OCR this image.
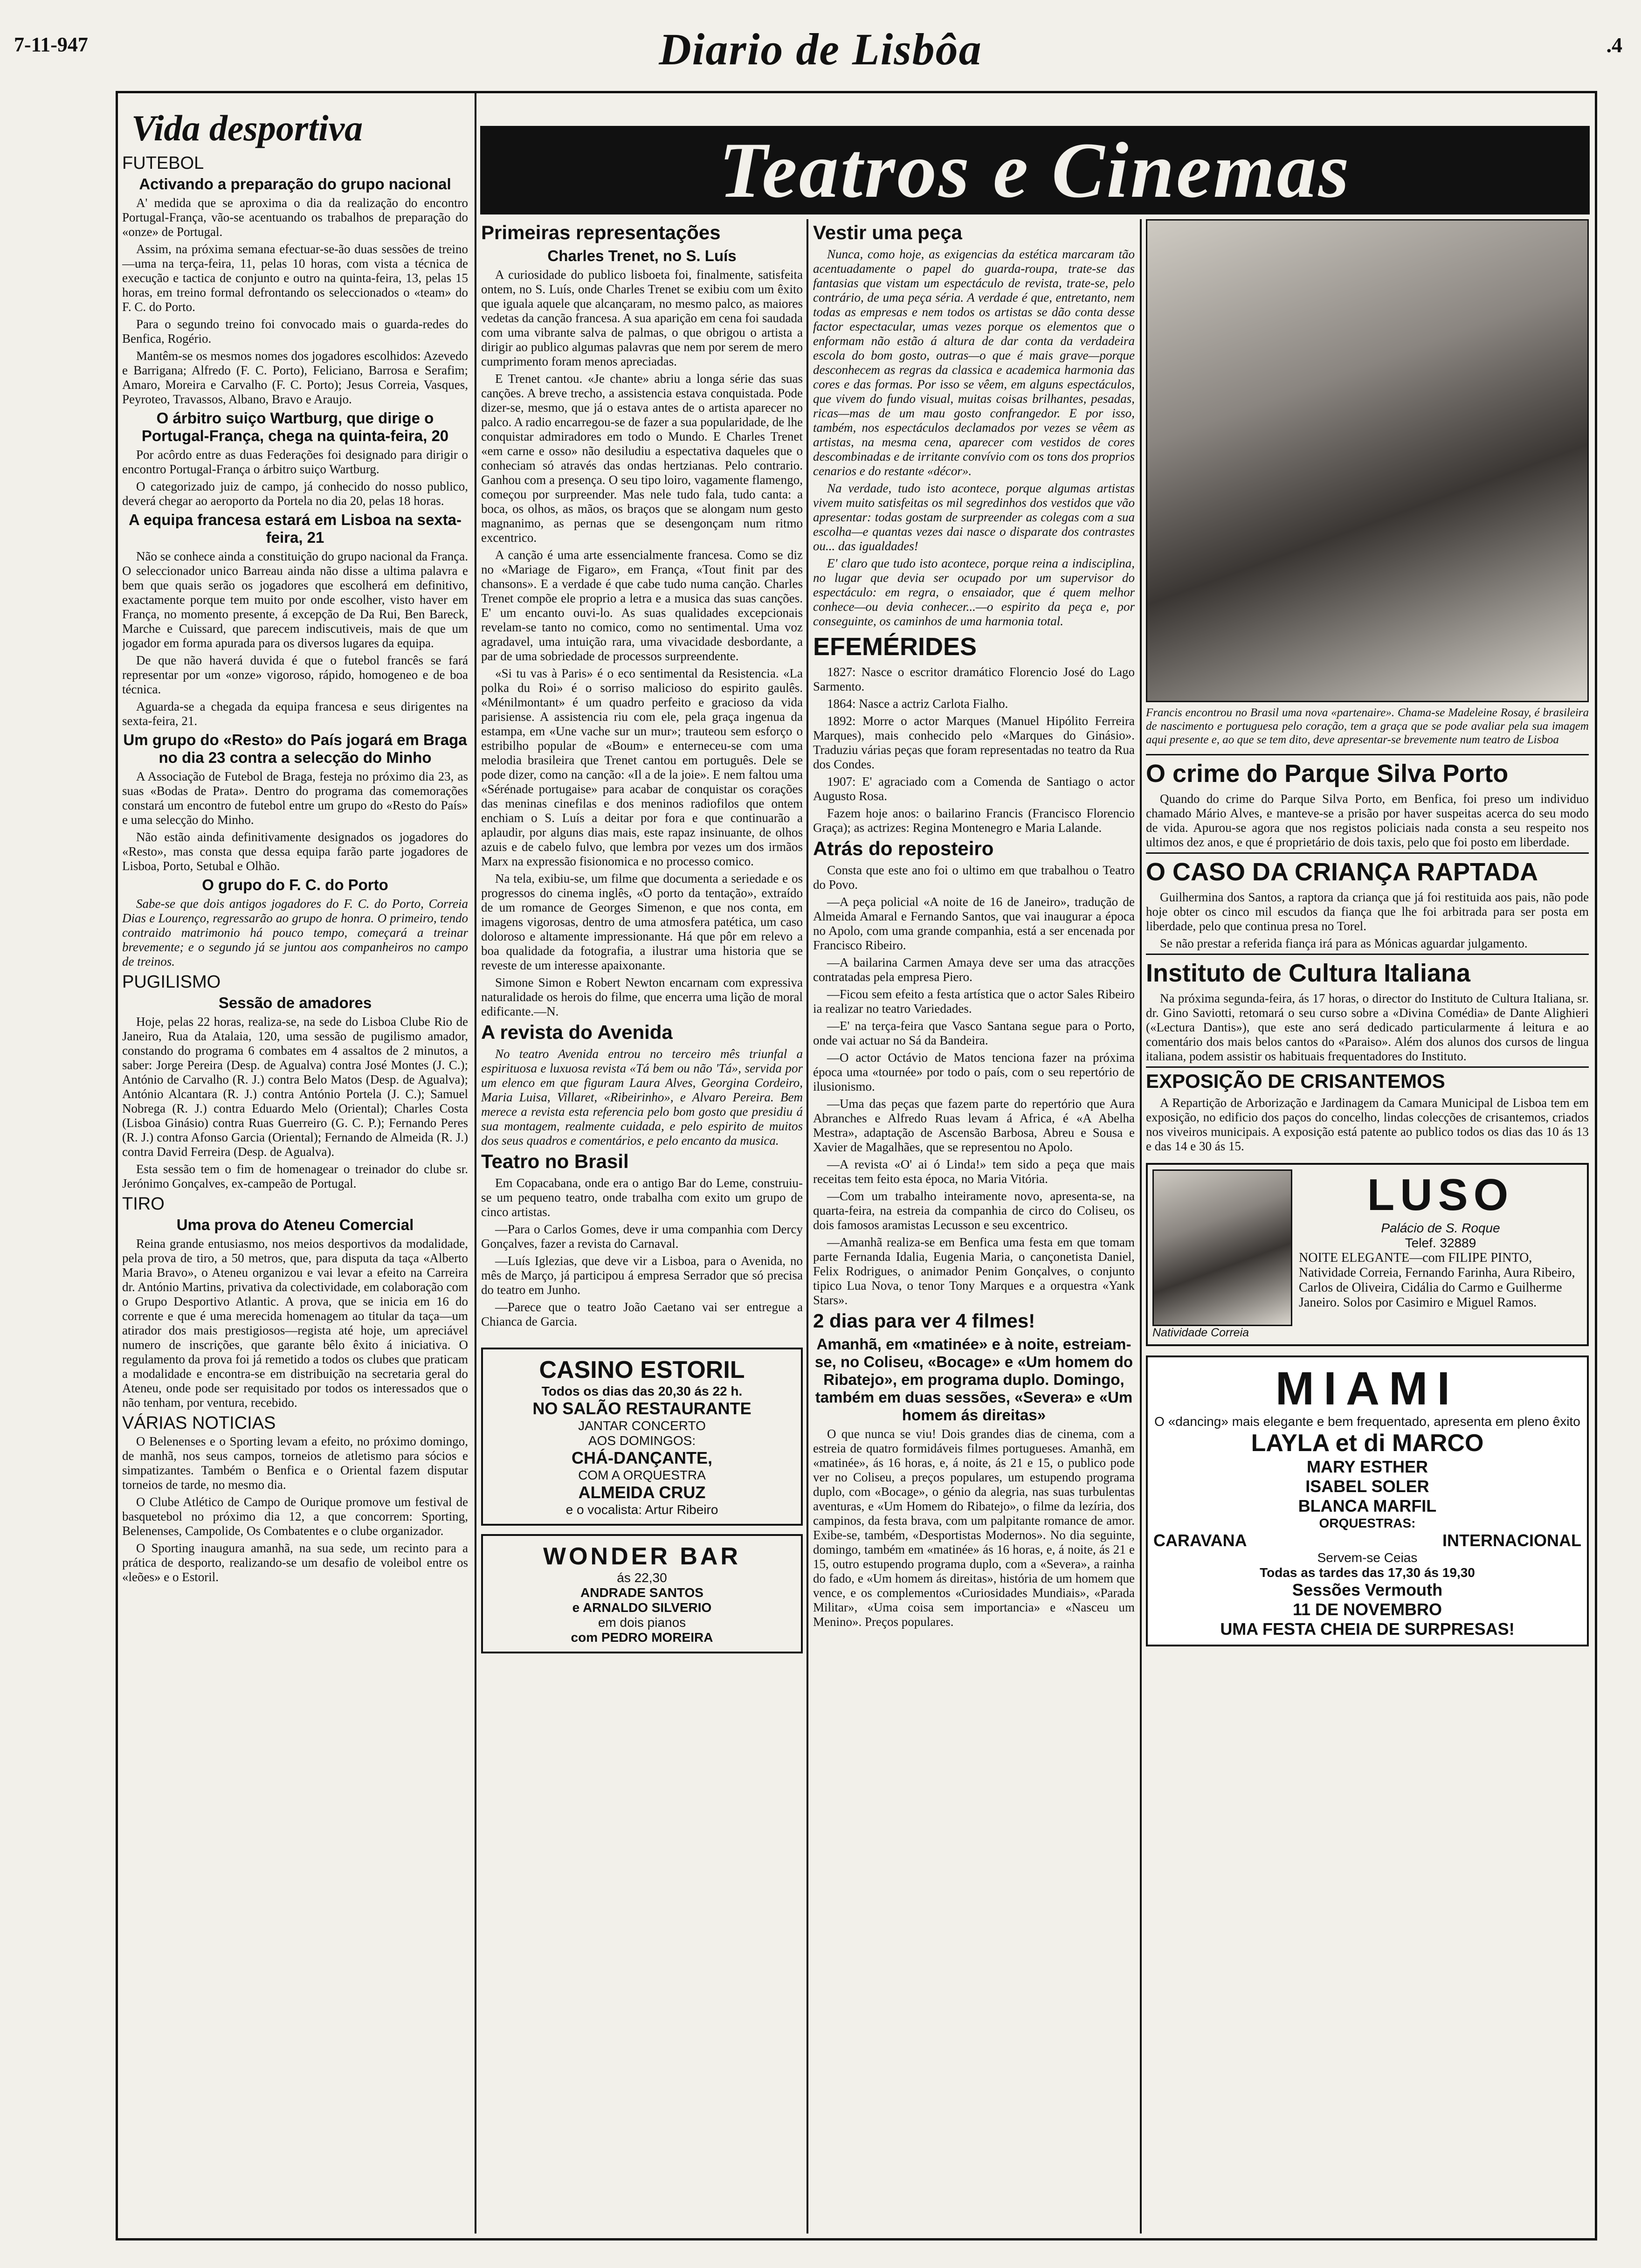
7-11-947	Diario de Lisbôa	.4
Vida desportiva
FUTEBOL
Activando a preparação do grupo nacional

A' medida que se aproxima o dia da realização do encontro Portugal-França, vão-se acentuando os trabalhos de preparação do «onze» de Portugal.

Assim, na próxima semana efectuar-se-ão duas sessões de treino—uma na terça-feira, 11, pelas 10 horas, com vista a técnica de execução e tactica de conjunto e outro na quinta-feira, 13, pelas 15 horas, em treino formal defrontando os seleccionados o «team» do F. C. do Porto.

Para o segundo treino foi convocado mais o guarda-redes do Benfica, Rogério.

Mantêm-se os mesmos nomes dos jogadores escolhidos: Azevedo e Barrigana; Alfredo (F. C. Porto), Feliciano, Barrosa e Serafim; Amaro, Moreira e Carvalho (F. C. Porto); Jesus Correia, Vasques, Peyroteo, Travassos, Albano, Bravo e Araujo.

O árbitro suiço Wartburg, que dirige o Portugal-França, chega na quinta-feira, 20

Por acôrdo entre as duas Federações foi designado para dirigir o encontro Portugal-França o árbitro suiço Wartburg.

O categorizado juiz de campo, já conhecido do nosso publico, deverá chegar ao aeroporto da Portela no dia 20, pelas 18 horas.

A equipa francesa estará em Lisboa na sexta-feira, 21

Não se conhece ainda a constituição do grupo nacional da França. O seleccionador unico Barreau ainda não disse a ultima palavra e bem que quais serão os jogadores que escolherá em definitivo, exactamente porque tem muito por onde escolher, visto haver em França, no momento presente, á excepção de Da Rui, Ben Bareck, Marche e Cuissard, que parecem indiscutiveis, mais de que um jogador em forma apurada para os diversos lugares da equipa.

De que não haverá duvida é que o futebol francês se fará representar por um «onze» vigoroso, rápido, homogeneo e de boa técnica.

Aguarda-se a chegada da equipa francesa e seus dirigentes na sexta-feira, 21.

Um grupo do «Resto» do País jogará em Braga no dia 23 contra a selecção do Minho

A Associação de Futebol de Braga, festeja no próximo dia 23, as suas «Bodas de Prata». Dentro do programa das comemorações constará um encontro de futebol entre um grupo do «Resto do País» e uma selecção do Minho.

Não estão ainda definitivamente designados os jogadores do «Resto», mas consta que dessa equipa farão parte jogadores de Lisboa, Porto, Setubal e Olhão.

O grupo do F. C. do Porto

Sabe-se que dois antigos jogadores do F. C. do Porto, Correia Dias e Lourenço, regressarão ao grupo de honra. O primeiro, tendo contraido matrimonio há pouco tempo, começará a treinar brevemente; e o segundo já se juntou aos companheiros no campo de treinos.

PUGILISMO
Sessão de amadores

Hoje, pelas 22 horas, realiza-se, na sede do Lisboa Clube Rio de Janeiro, Rua da Atalaia, 120, uma sessão de pugilismo amador, constando do programa 6 combates em 4 assaltos de 2 minutos, a saber: Jorge Pereira (Desp. de Agualva) contra José Montes (J. C.); António de Carvalho (R. J.) contra Belo Matos (Desp. de Agualva); António Alcantara (R. J.) contra António Portela (J. C.); Samuel Nobrega (R. J.) contra Eduardo Melo (Oriental); Charles Costa (Lisboa Ginásio) contra Ruas Guerreiro (G. C. P.); Fernando Peres (R. J.) contra Afonso Garcia (Oriental); Fernando de Almeida (R. J.) contra David Ferreira (Desp. de Agualva).

Esta sessão tem o fim de homenagear o treinador do clube sr. Jerónimo Gonçalves, ex-campeão de Portugal.

TIRO
Uma prova do Ateneu Comercial

Reina grande entusiasmo, nos meios desportivos da modalidade, pela prova de tiro, a 50 metros, que, para disputa da taça «Alberto Maria Bravo», o Ateneu organizou e vai levar a efeito na Carreira dr. António Martins, privativa da colectividade, em colaboração com o Grupo Desportivo Atlantic. A prova, que se inicia em 16 do corrente e que é uma merecida homenagem ao titular da taça—um atirador dos mais prestigiosos—regista até hoje, um apreciável numero de inscrições, que garante bêlo êxito á iniciativa. O regulamento da prova foi já remetido a todos os clubes que praticam a modalidade e encontra-se em distribuição na secretaria geral do Ateneu, onde pode ser requisitado por todos os interessados que o não tenham, por ventura, recebido.

VÁRIAS NOTICIAS

O Belenenses e o Sporting levam a efeito, no próximo domingo, de manhã, nos seus campos, torneios de atletismo para sócios e simpatizantes. Também o Benfica e o Oriental fazem disputar torneios de tarde, no mesmo dia.

O Clube Atlético de Campo de Ourique promove um festival de basquetebol no próximo dia 12, a que concorrem: Sporting, Belenenses, Campolide, Os Combatentes e o clube organizador.

O Sporting inaugura amanhã, na sua sede, um recinto para a prática de desporto, realizando-se um desafio de voleibol entre os «leões» e o Estoril.

Teatros e Cinemas
Primeiras representações
Charles Trenet, no S. Luís

A curiosidade do publico lisboeta foi, finalmente, satisfeita ontem, no S. Luís, onde Charles Trenet se exibiu com um êxito que iguala aquele que alcançaram, no mesmo palco, as maiores vedetas da canção francesa. A sua aparição em cena foi saudada com uma vibrante salva de palmas, o que obrigou o artista a dirigir ao publico algumas palavras que nem por serem de mero cumprimento foram menos apreciadas.

E Trenet cantou. «Je chante» abriu a longa série das suas canções. A breve trecho, a assistencia estava conquistada. Pode dizer-se, mesmo, que já o estava antes de o artista aparecer no palco. A radio encarregou-se de fazer a sua popularidade, de lhe conquistar admiradores em todo o Mundo. E Charles Trenet «em carne e osso» não desiludiu a espectativa daqueles que o conheciam só através das ondas hertzianas. Pelo contrario. Ganhou com a presença. O seu tipo loiro, vagamente flamengo, começou por surpreender. Mas nele tudo fala, tudo canta: a boca, os olhos, as mãos, os braços que se alongam num gesto magnanimo, as pernas que se desengonçam num ritmo excentrico.

A canção é uma arte essencialmente francesa. Como se diz no «Mariage de Figaro», em França, «Tout finit par des chansons». E a verdade é que cabe tudo numa canção. Charles Trenet compõe ele proprio a letra e a musica das suas canções. E' um encanto ouvi-lo. As suas qualidades excepcionais revelam-se tanto no comico, como no sentimental. Uma voz agradavel, uma intuição rara, uma vivacidade desbordante, a par de uma sobriedade de processos surpreendente.

«Si tu vas à Paris» é o eco sentimental da Resistencia. «La polka du Roi» é o sorriso malicioso do espirito gaulês. «Ménilmontant» é um quadro perfeito e gracioso da vida parisiense. A assistencia riu com ele, pela graça ingenua da estampa, em «Une vache sur un mur»; trauteou sem esforço o estribilho popular de «Boum» e enterneceu-se com uma melodia brasileira que Trenet cantou em português. Dele se pode dizer, como na canção: «Il a de la joie». E nem faltou uma «Sérénade portugaise» para acabar de conquistar os corações das meninas cinefilas e dos meninos radiofilos que ontem enchiam o S. Luís a deitar por fora e que continuarão a aplaudir, por alguns dias mais, este rapaz insinuante, de olhos azuis e de cabelo fulvo, que lembra por vezes um dos irmãos Marx na expressão fisionomica e no processo comico.

Na tela, exibiu-se, um filme que documenta a seriedade e os progressos do cinema inglês, «O porto da tentação», extraído de um romance de Georges Simenon, e que nos conta, em imagens vigorosas, dentro de uma atmosfera patética, um caso doloroso e altamente impressionante. Há que pôr em relevo a boa qualidade da fotografia, a ilustrar uma historia que se reveste de um interesse apaixonante.

Simone Simon e Robert Newton encarnam com expressiva naturalidade os herois do filme, que encerra uma lição de moral edificante.—N.

A revista do Avenida

No teatro Avenida entrou no terceiro mês triunfal a espirituosa e luxuosa revista «Tá bem ou não 'Tá», servida por um elenco em que figuram Laura Alves, Georgina Cordeiro, Maria Luisa, Villaret, «Ribeirinho», e Alvaro Pereira. Bem merece a revista esta referencia pelo bom gosto que presidiu á sua montagem, realmente cuidada, e pelo espirito de muitos dos seus quadros e comentários, e pelo encanto da musica.

Teatro no Brasil

Em Copacabana, onde era o antigo Bar do Leme, construiu-se um pequeno teatro, onde trabalha com exito um grupo de cinco artistas.

—Para o Carlos Gomes, deve ir uma companhia com Dercy Gonçalves, fazer a revista do Carnaval.

—Luís Iglezias, que deve vir a Lisboa, para o Avenida, no mês de Março, já participou á empresa Serrador que só precisa do teatro em Junho.

—Parece que o teatro João Caetano vai ser entregue a Chianca de Garcia.

CASINO ESTORIL
Todos os dias das 20,30 ás 22 h.
NO SALÃO RESTAURANTE
JANTAR CONCERTO
AOS DOMINGOS:
CHÁ-DANÇANTE,
COM A ORQUESTRA
ALMEIDA CRUZ
e o vocalista: Artur Ribeiro
WONDER BAR
ás 22,30
ANDRADE SANTOS
e ARNALDO SILVERIO
em dois pianos
com PEDRO MOREIRA
Vestir uma peça

Nunca, como hoje, as exigencias da estética marcaram tão acentuadamente o papel do guarda-roupa, trate-se das fantasias que vistam um espectáculo de revista, trate-se, pelo contrário, de uma peça séria. A verdade é que, entretanto, nem todas as empresas e nem todos os artistas se dão conta desse factor espectacular, umas vezes porque os elementos que o enformam não estão á altura de dar conta da verdadeira escola do bom gosto, outras—o que é mais grave—porque desconhecem as regras da classica e academica harmonia das cores e das formas. Por isso se vêem, em alguns espectáculos, que vivem do fundo visual, muitas coisas brilhantes, pesadas, ricas—mas de um mau gosto confrangedor. E por isso, também, nos espectáculos declamados por vezes se vêem as artistas, na mesma cena, aparecer com vestidos de cores descombinadas e de irritante convívio com os tons dos proprios cenarios e do restante «décor».

Na verdade, tudo isto acontece, porque algumas artistas vivem muito satisfeitas os mil segredinhos dos vestidos que vão apresentar: todas gostam de surpreender as colegas com a sua escolha—e quantas vezes dai nasce o disparate dos contrastes ou... das igualdades!

E' claro que tudo isto acontece, porque reina a indisciplina, no lugar que devia ser ocupado por um supervisor do espectáculo: em regra, o ensaiador, que é quem melhor conhece—ou devia conhecer...—o espirito da peça e, por conseguinte, os caminhos de uma harmonia total.

EFEMÉRIDES

1827: Nasce o escritor dramático Florencio José do Lago Sarmento.

1864: Nasce a actriz Carlota Fialho.

1892: Morre o actor Marques (Manuel Hipólito Ferreira Marques), mais conhecido pelo «Marques do Ginásio». Traduziu várias peças que foram representadas no teatro da Rua dos Condes.

1907: E' agraciado com a Comenda de Santiago o actor Augusto Rosa.

Fazem hoje anos: o bailarino Francis (Francisco Florencio Graça); as actrizes: Regina Montenegro e Maria Lalande.

Atrás do reposteiro

Consta que este ano foi o ultimo em que trabalhou o Teatro do Povo.

—A peça policial «A noite de 16 de Janeiro», tradução de Almeida Amaral e Fernando Santos, que vai inaugurar a época no Apolo, com uma grande companhia, está a ser encenada por Francisco Ribeiro.

—A bailarina Carmen Amaya deve ser uma das atracções contratadas pela empresa Piero.

—Ficou sem efeito a festa artística que o actor Sales Ribeiro ia realizar no teatro Variedades.

—E' na terça-feira que Vasco Santana segue para o Porto, onde vai actuar no Sá da Bandeira.

—O actor Octávio de Matos tenciona fazer na próxima época uma «tournée» por todo o país, com o seu repertório de ilusionismo.

—Uma das peças que fazem parte do repertório que Aura Abranches e Alfredo Ruas levam á Africa, é «A Abelha Mestra», adaptação de Ascensão Barbosa, Abreu e Sousa e Xavier de Magalhães, que se representou no Apolo.

—A revista «O' ai ó Linda!» tem sido a peça que mais receitas tem feito esta época, no Maria Vitória.

—Com um trabalho inteiramente novo, apresenta-se, na quarta-feira, na estreia da companhia de circo do Coliseu, os dois famosos aramistas Lecusson e seu excentrico.

—Amanhã realiza-se em Benfica uma festa em que tomam parte Fernanda Idalia, Eugenia Maria, o cançonetista Daniel, Felix Rodrigues, o animador Penim Gonçalves, o conjunto tipico Lua Nova, o tenor Tony Marques e a orquestra «Yank Stars».

2 dias para ver 4 filmes!
Amanhã, em «matinée» e à noite, estreiam-se, no Coliseu, «Bocage» e «Um homem do Ribatejo», em programa duplo. Domingo, também em duas sessões, «Severa» e «Um homem ás direitas»

O que nunca se viu! Dois grandes dias de cinema, com a estreia de quatro formidáveis filmes portugueses. Amanhã, em «matinée», ás 16 horas, e, á noite, ás 21 e 15, o publico pode ver no Coliseu, a preços populares, um estupendo programa duplo, com «Bocage», o génio da alegria, nas suas turbulentas aventuras, e «Um Homem do Ribatejo», o filme da lezíria, dos campinos, da festa brava, com um palpitante romance de amor. Exibe-se, também, «Desportistas Modernos». No dia seguinte, domingo, também em «matinée» ás 16 horas, e, á noite, ás 21 e 15, outro estupendo programa duplo, com a «Severa», a rainha do fado, e «Um homem ás direitas», história de um homem que vence, e os complementos «Curiosidades Mundiais», «Parada Militar», «Uma coisa sem importancia» e «Nasceu um Menino». Preços populares.

Francis encontrou no Brasil uma nova «partenaire». Chama-se Madeleine Rosay, é brasileira de nascimento e portuguesa pelo coração, tem a graça que se pode avaliar pela sua imagem aqui presente e, ao que se tem dito, deve apresentar-se brevemente num teatro de Lisboa
O crime do Parque Silva Porto

Quando do crime do Parque Silva Porto, em Benfica, foi preso um individuo chamado Mário Alves, e manteve-se a prisão por haver suspeitas acerca do seu modo de vida. Apurou-se agora que nos registos policiais nada consta a seu respeito nos ultimos dez anos, e que é proprietário de dois taxis, pelo que foi posto em liberdade.

O CASO DA CRIANÇA RAPTADA

Guilhermina dos Santos, a raptora da criança que já foi restituida aos pais, não pode hoje obter os cinco mil escudos da fiança que lhe foi arbitrada para ser posta em liberdade, pelo que continua presa no Torel.

Se não prestar a referida fiança irá para as Mónicas aguardar julgamento.

Instituto de Cultura Italiana

Na próxima segunda-feira, ás 17 horas, o director do Instituto de Cultura Italiana, sr. dr. Gino Saviotti, retomará o seu curso sobre a «Divina Comédia» de Dante Alighieri («Lectura Dantis»), que este ano será dedicado particularmente á leitura e ao comentário dos mais belos cantos do «Paraiso». Além dos alunos dos cursos de lingua italiana, podem assistir os habituais frequentadores do Instituto.

EXPOSIÇÃO DE CRISANTEMOS

A Repartição de Arborização e Jardinagem da Camara Municipal de Lisboa tem em exposição, no edificio dos paços do concelho, lindas colecções de crisantemos, criados nos viveiros municipais. A exposição está patente ao publico todos os dias das 10 ás 13 e das 14 e 30 ás 15.

Natividade Correia
LUSO
Palácio de S. Roque
Telef. 32889
NOITE ELEGANTE—com FILIPE PINTO, Natividade Correia, Fernando Farinha, Aura Ribeiro, Carlos de Oliveira, Cidália do Carmo e Guilherme Janeiro. Solos por Casimiro e Miguel Ramos.
MIAMI
O «dancing» mais elegante e bem frequentado, apresenta em pleno êxito
LAYLA et di MARCO
MARY ESTHER
ISABEL SOLER
BLANCA MARFIL
ORQUESTRAS:
CARAVANA	INTERNACIONAL
Servem-se Ceias
Todas as tardes das 17,30 ás 19,30
Sessões Vermouth
11 DE NOVEMBRO
UMA FESTA CHEIA DE SURPRESAS!
